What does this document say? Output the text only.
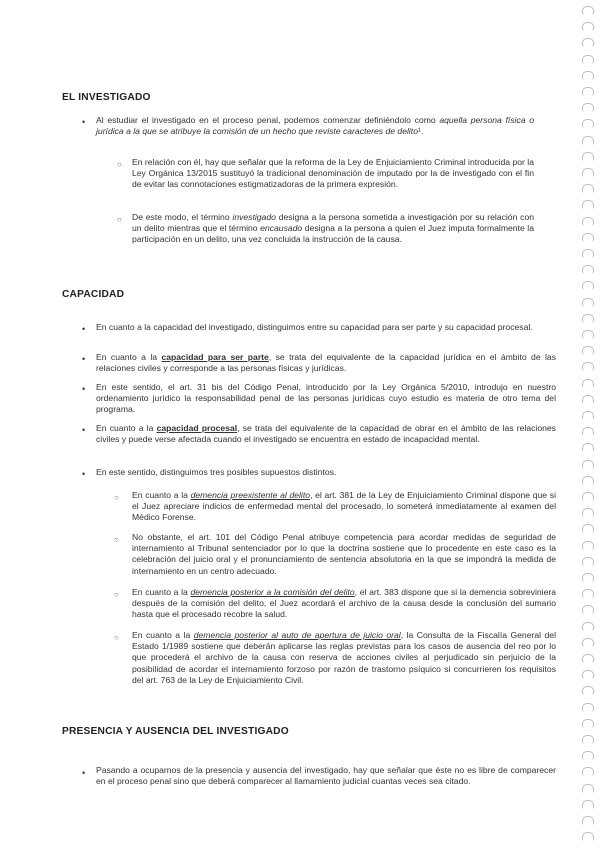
EL INVESTIGADO
• Al estudiar el investigado en el proceso penal, podemos comenzar definiéndolo como aquella persona física o jurídica a la que se atribuye la comisión de un hecho que reviste caracteres de delito¹.
○ En relación con él, hay que señalar que la reforma de la Ley de Enjuiciamiento Criminal introducida por la Ley Orgánica 13/2015 sustituyó la tradicional denominación de imputado por la de investigado con el fin de evitar las connotaciones estigmatizadoras de la primera expresión.
○ De este modo, el término investigado designa a la persona sometida a investigación por su relación con un delito mientras que el término encausado designa a la persona a quien el Juez imputa formalmente la participación en un delito, una vez concluida la instrucción de la causa.
CAPACIDAD
• En cuanto a la capacidad del investigado, distinguimos entre su capacidad para ser parte y su capacidad procesal.
• En cuanto a la capacidad para ser parte, se trata del equivalente de la capacidad jurídica en el ámbito de las relaciones civiles y corresponde a las personas físicas y jurídicas.
• En este sentido, el art. 31 bis del Código Penal, introducido por la Ley Orgánica 5/2010, introdujo en nuestro ordenamiento jurídico la responsabilidad penal de las personas jurídicas cuyo estudio es materia de otro tema del programa.
• En cuanto a la capacidad procesal, se trata del equivalente de la capacidad de obrar en el ámbito de las relaciones civiles y puede verse afectada cuando el investigado se encuentra en estado de incapacidad mental.
• En este sentido, distinguimos tres posibles supuestos distintos.
○ En cuanto a la demencia preexistente al delito, el art. 381 de la Ley de Enjuiciamiento Criminal dispone que si el Juez apreciare indicios de enfermedad mental del procesado, lo someterá inmediatamente al examen del Médico Forense.
○ No obstante, el art. 101 del Código Penal atribuye competencia para acordar medidas de seguridad de internamiento al Tribunal sentenciador por lo que la doctrina sostiene que lo procedente en este caso es la celebración del juicio oral y el pronunciamiento de sentencia absolutoria en la que se impondrá la medida de internamiento en un centro adecuado.
○ En cuanto a la demencia posterior a la comisión del delito, el art. 383 dispone que si la demencia sobreviniera después de la comisión del delito, el Juez acordará el archivo de la causa desde la conclusión del sumario hasta que el procesado recobre la salud.
○ En cuanto a la demencia posterior al auto de apertura de juicio oral, la Consulta de la Fiscalía General del Estado 1/1989 sostiene que deberán aplicarse las reglas previstas para los casos de ausencia del reo por lo que procederá el archivo de la causa con reserva de acciones civiles al perjudicado sin perjuicio de la posibilidad de acordar el internamiento forzoso por razón de trastorno psíquico si concurrieren los requisitos del art. 763 de la Ley de Enjuiciamiento Civil.
PRESENCIA Y AUSENCIA DEL INVESTIGADO
• Pasando a ocuparnos de la presencia y ausencia del investigado, hay que señalar que éste no es libre de comparecer en el proceso penal sino que deberá comparecer al llamamiento judicial cuantas veces sea citado.
